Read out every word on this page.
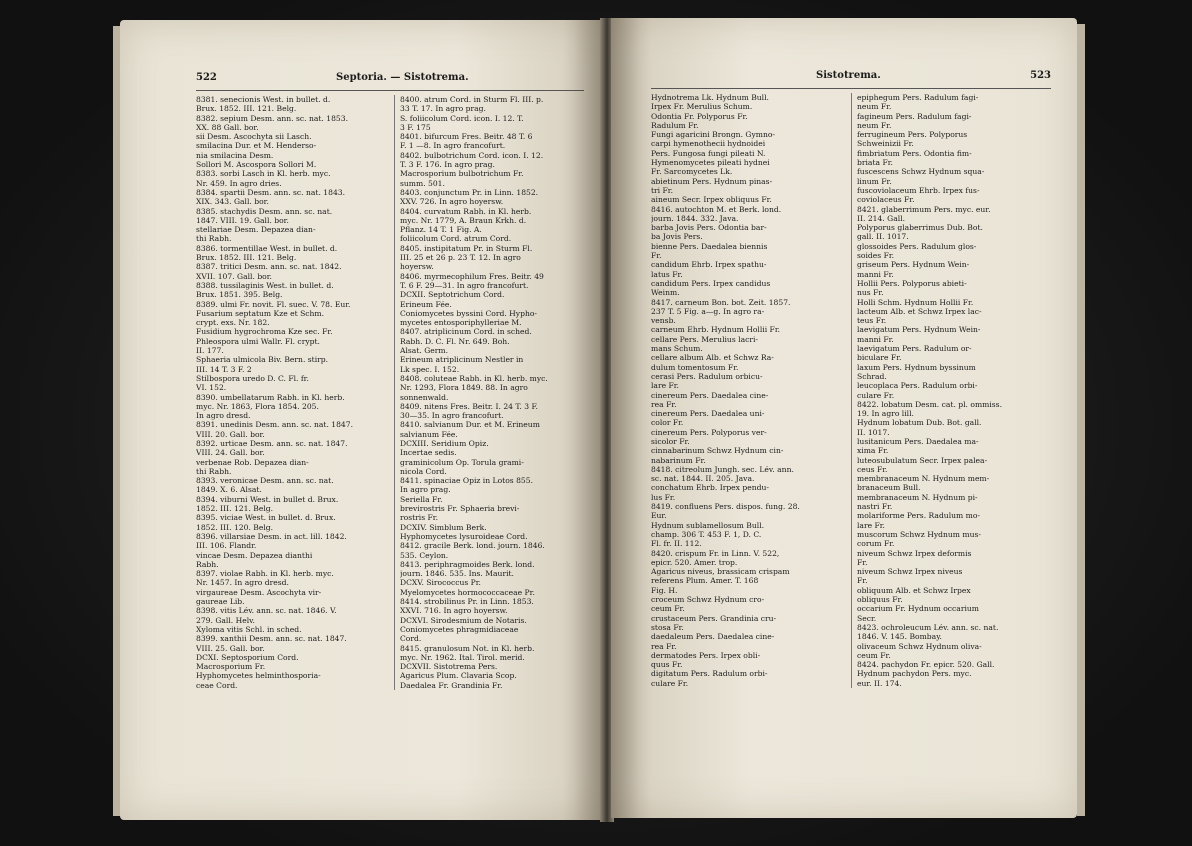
522	Septoria. — Sistotrema.
8381. senecionis West. in bullet. d.
Brux. 1852. III. 121. Belg.
8382. sepium Desm. ann. sc. nat. 1853.
XX. 88 Gall. bor.
sii Desm. Ascochyta sii Lasch.
smilacina Dur. et M. Henderso-
nia smilacina Desm.
Sollori M. Ascospora Sollori M.
8383. sorbi Lasch in Kl. herb. myc.
Nr. 459. In agro dries.
8384. spartii Desm. ann. sc. nat. 1843.
XIX. 343. Gall. bor.
8385. stachydis Desm. ann. sc. nat.
1847. VIII. 19. Gall. bor.
stellariae Desm. Depazea dian-
thi Rabh.
8386. tormentillae West. in bullet. d.
Brux. 1852. III. 121. Belg.
8387. tritici Desm. ann. sc. nat. 1842.
XVII. 107. Gall. bor.
8388. tussilaginis West. in bullet. d.
Brux. 1851. 395. Belg.
8389. ulmi Fr. novit. Fl. suec. V. 78. Eur.
Fusarium septatum Kze et Schm.
crypt. exs. Nr. 182.
Fusidium hygrochroma Kze sec. Fr.
Phleospora ulmi Wallr. Fl. crypt.
II. 177.
Sphaeria ulmicola Biv. Bern. stirp.
III. 14 T. 3 F. 2
Stilbospora uredo D. C. Fl. fr.
VI. 152.
8390. umbellatarum Rabh. in Kl. herb.
myc. Nr. 1863, Flora 1854. 205.
In agro dresd.
8391. unedinis Desm. ann. sc. nat. 1847.
VIII. 20. Gall. bor.
8392. urticae Desm. ann. sc. nat. 1847.
VIII. 24. Gall. bor.
verbenae Rob. Depazea dian-
thi Rabh.
8393. veronicae Desm. ann. sc. nat.
1849. X. 6. Alsat.
8394. viburni West. in bullet d. Brux.
1852. III. 121. Belg.
8395. viciae West. in bullet. d. Brux.
1852. III. 120. Belg.
8396. villarsiae Desm. in act. lill. 1842.
III. 106. Flandr.
vincae Desm. Depazea dianthi
Rabh.
8397. violae Rabh. in Kl. herb. myc.
Nr. 1457. In agro dresd.
virgaureae Desm. Ascochyta vir-
gaureae Lib.
8398. vitis Lév. ann. sc. nat. 1846. V.
279. Gall. Helv.
Xyloma vitis Schl. in sched.
8399. xanthii Desm. ann. sc. nat. 1847.
VIII. 25. Gall. bor.
DCXI. Septosporium Cord.
Macrosporium Fr.
Hyphomycetes helminthosporia-
ceae Cord.
8400. atrum Cord. in Sturm Fl. III. p.
33 T. 17. In agro prag.
S. foliicolum Cord. icon. I. 12. T.
3 F. 175
8401. bifurcum Fres. Beitr. 48 T. 6
F. 1 —8. In agro francofurt.
8402. bulbotrichum Cord. icon. I. 12.
T. 3 F. 176. In agro prag.
Macrosporium bulbotrichum Fr.
summ. 501.
8403. conjunctum Pr. in Linn. 1852.
XXV. 726. In agro hoyersw.
8404. curvatum Rabh. in Kl. herb.
myc. Nr. 1779, A. Braun Krkh. d.
Pflanz. 14 T. 1 Fig. A.
foliicolum Cord. atrum Cord.
8405. instipitatum Pr. in Sturm Fl.
III. 25 et 26 p. 23 T. 12. In agro
hoyersw.
8406. myrmecophilum Fres. Beitr. 49
T. 6 F. 29—31. In agro francofurt.
DCXII. Septotrichum Cord.
Erineum Fée.
Coniomycetes byssini Cord. Hypho-
mycetes entosporiphylleriae M.
8407. atriplicinum Cord. in sched.
Rabh. D. C. Fl. Nr. 649. Boh.
Alsat. Germ.
Erineum atriplicinum Nestler in
Lk spec. I. 152.
8408. coluteae Rabh. in Kl. herb. myc.
Nr. 1293, Flora 1849. 88. In agro
sonnenwald.
8409. nitens Fres. Beitr. I. 24 T. 3 F.
30—35. In agro francofurt.
8410. salvianum Dur. et M. Erineum
salvianum Fée.
DCXIII. Seridium Opiz.
Incertae sedis.
graminicolum Op. Torula grami-
nicola Cord.
8411. spinaciae Opiz in Lotos 855.
In agro prag.
Seriella Fr.
brevirostris Fr. Sphaeria brevi-
rostris Fr.
DCXIV. Simblum Berk.
Hyphomycetes lysuroideae Cord.
8412. gracile Berk. lond. journ. 1846.
535. Ceylon.
8413. periphragmoides Berk. lond.
journ. 1846. 535. Ins. Maurit.
DCXV. Sirococcus Pr.
Myelomycetes hormococcaceae Pr.
8414. strobilinus Pr. in Linn. 1853.
XXVI. 716. In agro hoyersw.
DCXVI. Sirodesmium de Notaris.
Coniomycetes phragmidiaceae
Cord.
8415. granulosum Not. in Kl. herb.
myc. Nr. 1962. Ital. Tirol. merid.
DCXVII. Sistotrema Pers.
Agaricus Plum. Clavaria Scop.
Daedalea Fr. Grandinia Fr.
Sistotrema.	523
Hydnotrema Lk. Hydnum Bull.
Irpex Fr. Merulius Schum.
Odontia Fr. Polyporus Fr.
Radulum Fr.
Fungi agaricini Brongn. Gymno-
carpi hymenothecii hydnoidei
Pers. Fungosa fungi pileati N.
Hymenomycetes pileati hydnei
Fr. Sarcomycetes Lk.
abietinum Pers. Hydnum pinas-
tri Fr.
aineum Secr. Irpex obliquus Fr.
8416. autochton M. et Berk. lond.
journ. 1844. 332. Java.
barba Jovis Pers. Odontia bar-
ba Jovis Pers.
bienne Pers. Daedalea biennis
Fr.
candidum Ehrb. Irpex spathu-
latus Fr.
candidum Pers. Irpex candidus
Weinm.
8417. carneum Bon. bot. Zeit. 1857.
237 T. 5 Fig. a—g. In agro ra-
vensb.
carneum Ehrb. Hydnum Hollii Fr.
cellare Pers. Merulius lacri-
mans Schum.
cellare album Alb. et Schwz Ra-
dulum tomentosum Fr.
cerasi Pers. Radulum orbicu-
lare Fr.
cinereum Pers. Daedalea cine-
rea Fr.
cinereum Pers. Daedalea uni-
color Fr.
cinereum Pers. Polyporus ver-
sicolor Fr.
cinnabarinum Schwz Hydnum cin-
nabarinum Fr.
8418. citreolum Jungh. sec. Lév. ann.
sc. nat. 1844. II. 205. Java.
conchatum Ehrb. Irpex pendu-
lus Fr.
8419. confluens Pers. dispos. fung. 28.
Eur.
Hydnum sublamellosum Bull.
champ. 306 T. 453 F. 1, D. C.
Fl. fr. II. 112.
8420. crispum Fr. in Linn. V. 522,
epicr. 520. Amer. trop.
Agaricus niveus, brassicam crispam
referens Plum. Amer. T. 168
Fig. H.
croceum Schwz Hydnum cro-
ceum Fr.
crustaceum Pers. Grandinia cru-
stosa Fr.
daedaleum Pers. Daedalea cine-
rea Fr.
dermatodes Pers. Irpex obli-
quus Fr.
digitatum Pers. Radulum orbi-
culare Fr.
epiphegum Pers. Radulum fagi-
neum Fr.
fagineum Pers. Radulum fagi-
neum Fr.
ferrugineum Pers. Polyporus
Schweinizii Fr.
fimbriatum Pers. Odontia fim-
briata Fr.
fuscescens Schwz Hydnum squa-
linum Fr.
fuscoviolaceum Ehrb. Irpex fus-
coviolaceus Fr.
8421. glaberrimum Pers. myc. eur.
II. 214. Gall.
Polyporus glaberrimus Dub. Bot.
gall. II. 1017.
glossoides Pers. Radulum glos-
soides Fr.
griseum Pers. Hydnum Wein-
manni Fr.
Hollii Pers. Polyporus abieti-
nus Fr.
Holli Schm. Hydnum Hollii Fr.
lacteum Alb. et Schwz Irpex lac-
teus Fr.
laevigatum Pers. Hydnum Wein-
manni Fr.
laevigatum Pers. Radulum or-
biculare Fr.
laxum Pers. Hydnum byssinum
Schrad.
leucoplaca Pers. Radulum orbi-
culare Fr.
8422. lobatum Desm. cat. pl. ommiss.
19. In agro lill.
Hydnum lobatum Dub. Bot. gall.
II. 1017.
lusitanicum Pers. Daedalea ma-
xima Fr.
luteosubulatum Secr. Irpex palea-
ceus Fr.
membranaceum N. Hydnum mem-
branaceum Bull.
membranaceum N. Hydnum pi-
nastri Fr.
molariforme Pers. Radulum mo-
lare Fr.
muscorum Schwz Hydnum mus-
corum Fr.
niveum Schwz Irpex deformis
Fr.
niveum Schwz Irpex niveus
Fr.
obliquum Alb. et Schwz Irpex
obliquus Fr.
occarium Fr. Hydnum occarium
Secr.
8423. ochroleucum Lév. ann. sc. nat.
1846. V. 145. Bombay.
olivaceum Schwz Hydnum oliva-
ceum Fr.
8424. pachydon Fr. epicr. 520. Gall.
Hydnum pachydon Pers. myc.
eur. II. 174.
